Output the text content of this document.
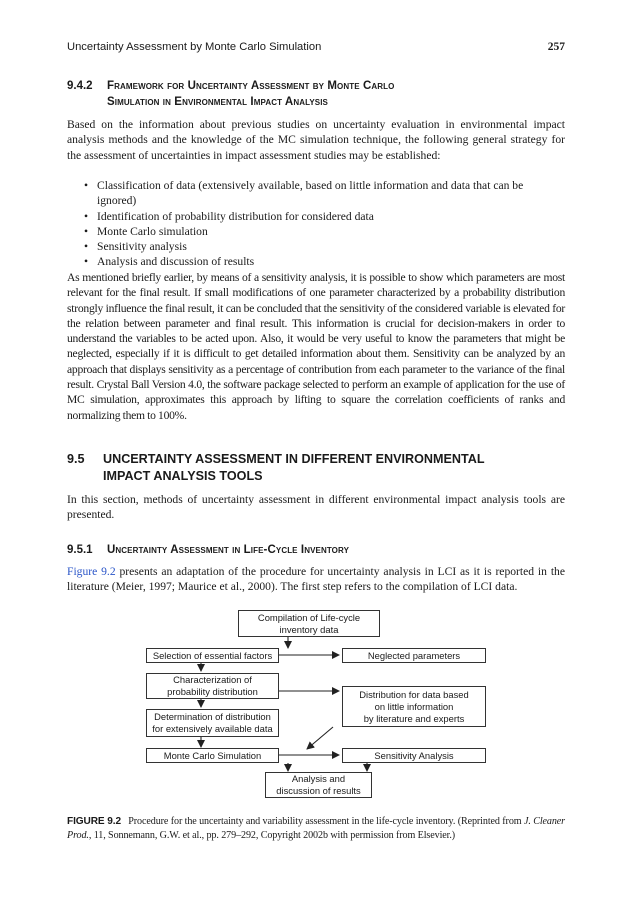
Uncertainty Assessment by Monte Carlo Simulation	257
9.4.2	Framework for Uncertainty Assessment by Monte Carlo
Simulation in Environmental Impact Analysis

Based on the information about previous studies on uncertainty evaluation in environmental impact analysis methods and the knowledge of the MC simulation technique, the following general strategy for the assessment of uncertainties in impact assessment studies may be established:

• Classification of data (extensively available, based on little information and data that can be ignored)
• Identification of probability distribution for considered data
• Monte Carlo simulation
• Sensitivity analysis
• Analysis and discussion of results

As mentioned briefly earlier, by means of a sensitivity analysis, it is possible to show which parameters are most relevant for the final result. If small modifications of one parameter characterized by a probability distribution strongly influence the final result, it can be concluded that the sensitivity of the considered variable is elevated for the relation between parameter and final result. This information is crucial for decision-makers in order to understand the variables to be acted upon. Also, it would be very useful to know the parameters that might be neglected, especially if it is difficult to get detailed information about them. Sensitivity can be analyzed by an approach that displays sensitivity as a percentage of contribution from each parameter to the variance of the final result. Crystal Ball Version 4.0, the software package selected to perform an example of application for the use of MC simulation, approximates this approach by lifting to square the correlation coefficients of ranks and normalizing them to 100%.

9.5	UNCERTAINTY ASSESSMENT IN DIFFERENT ENVIRONMENTAL
IMPACT ANALYSIS TOOLS

In this section, methods of uncertainty assessment in different environmental impact analysis tools are presented.

9.5.1	Uncertainty Assessment in Life-Cycle Inventory

Figure 9.2 presents an adaptation of the procedure for uncertainty analysis in LCI as it is reported in the literature (Meier, 1997; Maurice et al., 2000). The first step refers to the compilation of LCI data.

Compilation of Life-cycle
inventory data
Selection of essential factors	Neglected parameters
Characterization of
probability distribution	Distribution for data based
on little information
by literature and experts
Determination of distribution
for extensively available data
Monte Carlo Simulation	Sensitivity Analysis
Analysis and
discussion of results

FIGURE 9.2 Procedure for the uncertainty and variability assessment in the life-cycle inventory. (Reprinted from J. Cleaner Prod., 11, Sonnemann, G.W. et al., pp. 279–292, Copyright 2002b with permission from Elsevier.)
